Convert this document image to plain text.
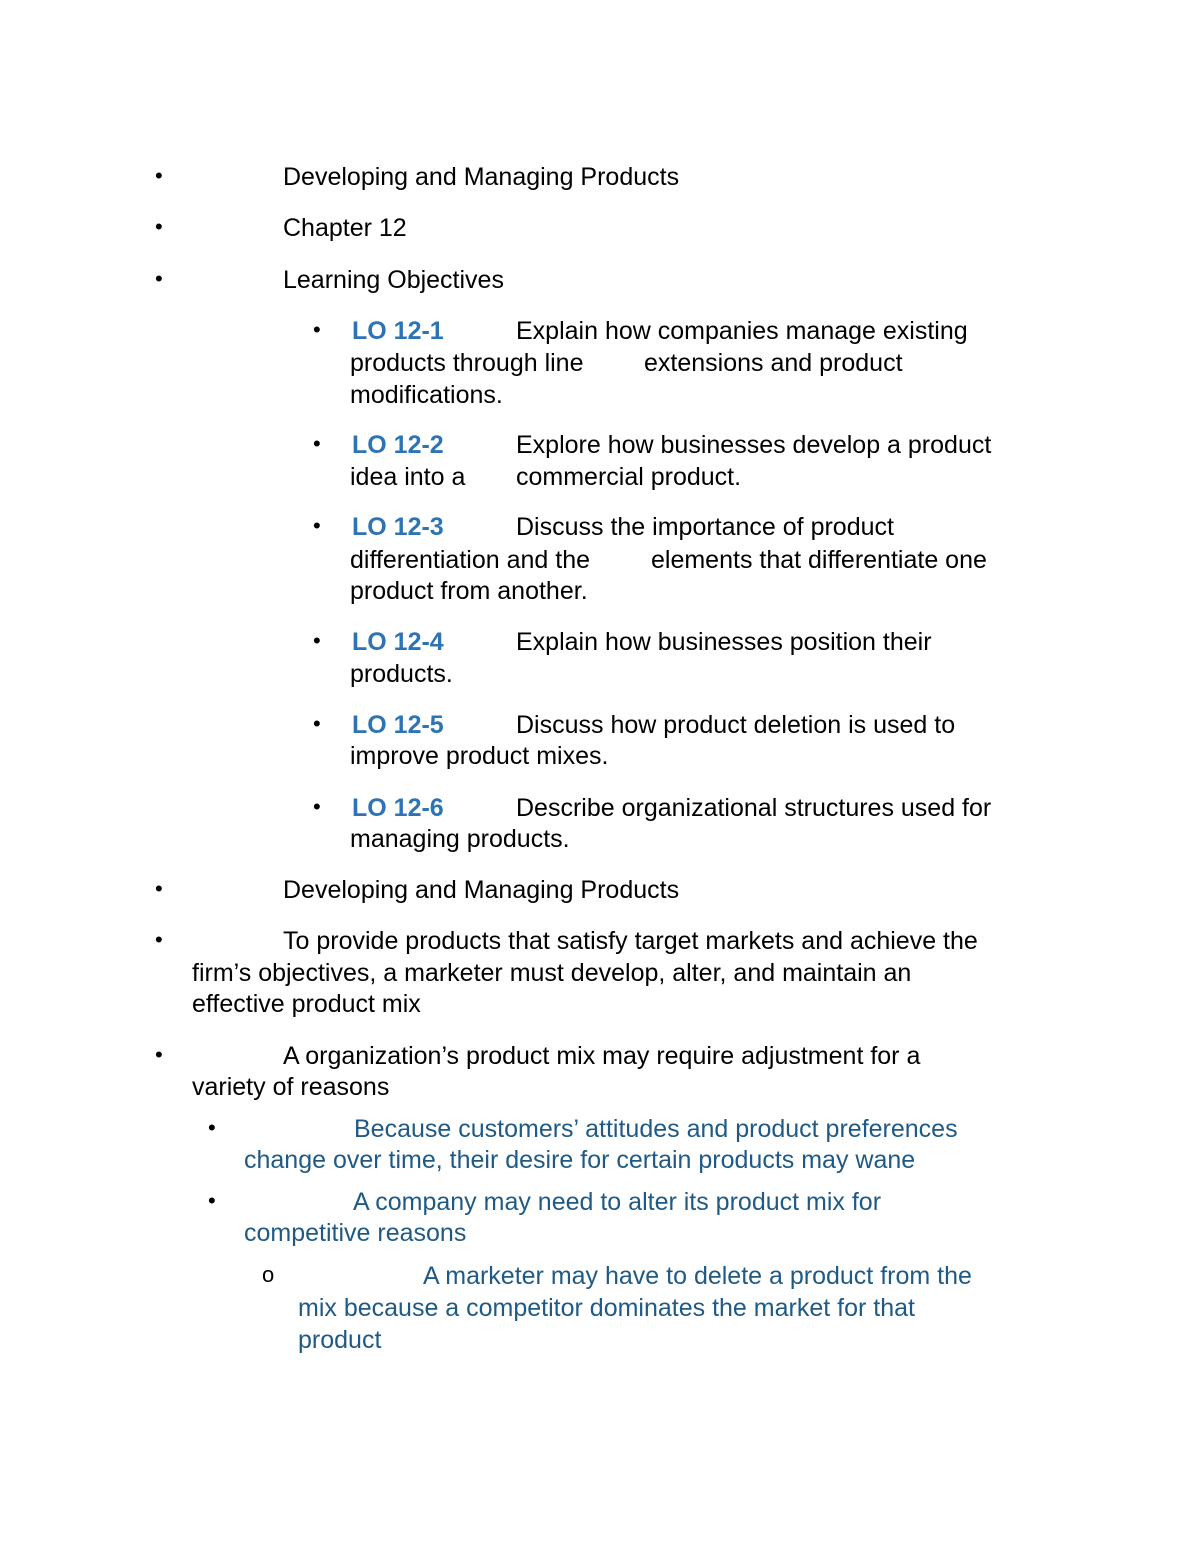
•	Developing and Managing Products
•	Chapter 12
•	Learning Objectives
• LO 12-1	Explain how companies manage existing
products through line extensions and product
modifications.
• LO 12-2	Explore how businesses develop a product
idea into a commercial product.
• LO 12-3	Discuss the importance of product
differentiation and the elements that differentiate one
product from another.
• LO 12-4	Explain how businesses position their
products.
• LO 12-5	Discuss how product deletion is used to
improve product mixes.
• LO 12-6	Describe organizational structures used for
managing products.
•	Developing and Managing Products
•	To provide products that satisfy target markets and achieve the
firm’s objectives, a marketer must develop, alter, and maintain an
effective product mix
•	A organization’s product mix may require adjustment for a
variety of reasons
•	Because customers’ attitudes and product preferences
change over time, their desire for certain products may wane
•	A company may need to alter its product mix for
competitive reasons
o	A marketer may have to delete a product from the
mix because a competitor dominates the market for that
product
